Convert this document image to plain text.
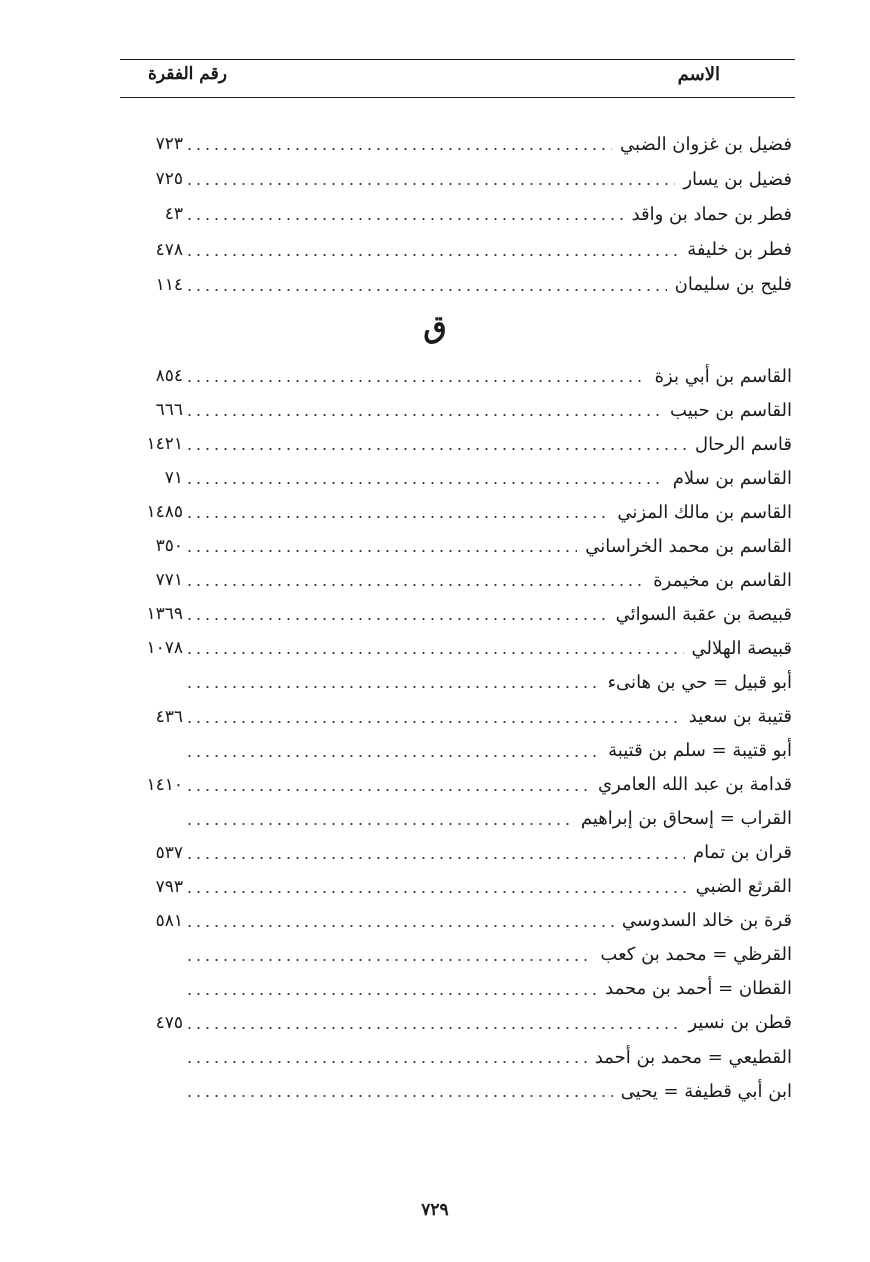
الاسم
رقم الفقرة
فضيل بن غزوان الضبي
٧٢٣
فضيل بن يسار
٧٢٥
فطر بن حماد بن واقد
٤٣
فطر بن خليفة
٤٧٨
فليح بن سليمان
١١٤
ق
القاسم بن أبي بزة
٨٥٤
القاسم بن حبيب
٦٦٦
قاسم الرحال
١٤٢١
القاسم بن سلام
٧١
القاسم بن مالك المزني
١٤٨٥
القاسم بن محمد الخراساني
٣٥٠
القاسم بن مخيمرة
٧٧١
قبيصة بن عقبة السوائي
١٣٦٩
قبيصة الهلالي
١٠٧٨
أبو قبيل = حي بن هانىء
قتيبة بن سعيد
٤٣٦
أبو قتيبة = سلم بن قتيبة
قدامة بن عبد الله العامري
١٤١٠
القراب = إسحاق بن إبراهيم
قران بن تمام
٥٣٧
القرثع الضبي
٧٩٣
قرة بن خالد السدوسي
٥٨١
القرظي = محمد بن كعب
القطان = أحمد بن محمد
قطن بن نسير
٤٧٥
القطيعي = محمد بن أحمد
ابن أبي قطيفة = يحيى
٧٢٩
